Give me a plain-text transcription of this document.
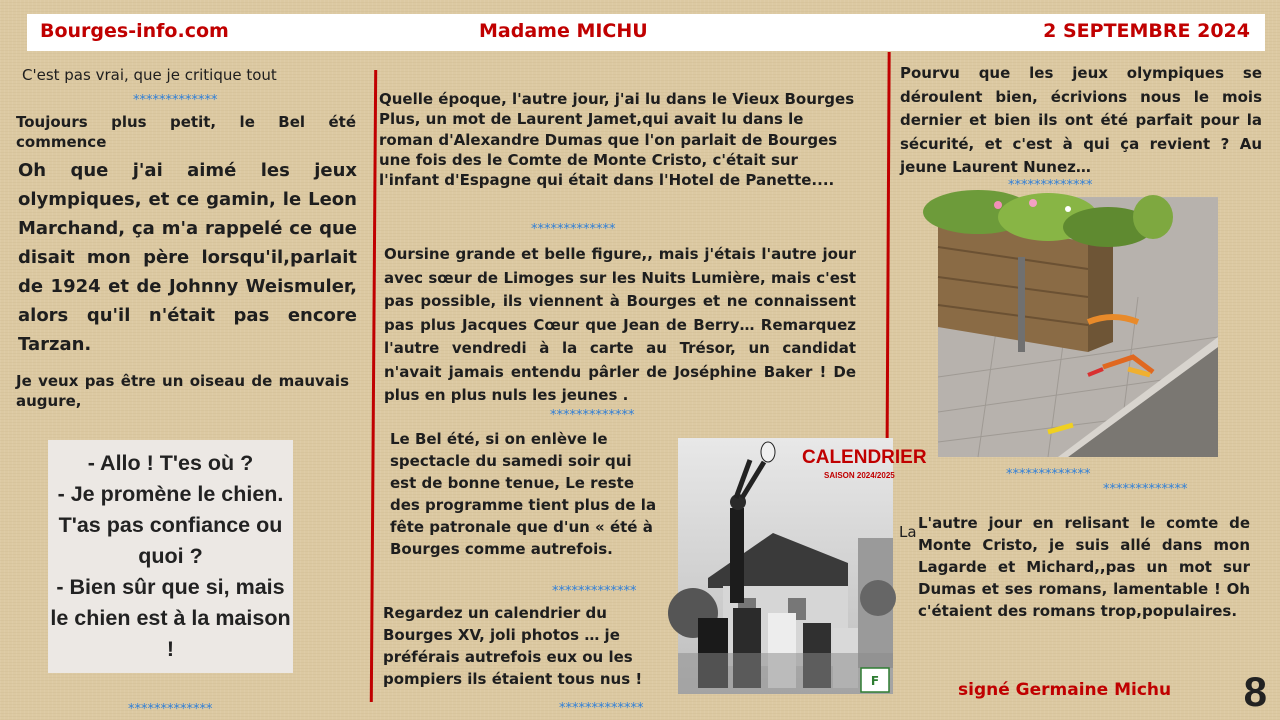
Bourges-info.com	Madame MICHU	2 SEPTEMBRE 2024
C'est pas vrai, que je critique tout
*************
Toujours plus petit, le Bel été commence
Oh que j'ai aimé les jeux olympiques, et ce gamin, le Leon Marchand, ça m'a rappelé ce que disait mon père lorsqu'il,parlait de 1924 et de Johnny Weismuler, alors qu'il n'était pas encore Tarzan.
Je veux pas être un oiseau de mauvais augure,
- Allo ! T'es où ?
- Je promène le chien. T'as pas confiance ou quoi ?
- Bien sûr que si, mais le chien est à la maison !
*************
Quelle époque, l'autre jour, j'ai lu dans le Vieux Bourges Plus, un mot de Laurent Jamet,qui avait lu dans le roman d'Alexandre Dumas que l'on parlait de Bourges une fois des le Comte de Monte Cristo, c'était sur l'infant d'Espagne qui était dans l'Hotel de Panette....
*************
Oursine grande et belle figure,, mais j'étais l'autre jour avec sœur de Limoges sur les Nuits Lumière, mais c'est pas possible, ils viennent à Bourges et ne connaissent pas plus Jacques Cœur que Jean de Berry… Remarquez l'autre vendredi à la carte au Trésor, un candidat n'avait jamais entendu pârler de Joséphine Baker ! De plus en plus nuls les jeunes .
*************
Le Bel été, si on enlève le spectacle du samedi soir qui est de bonne tenue, Le reste des programme tient plus de la fête patronale que d'un « été à Bourges comme autrefois.
*************
Regardez un calendrier du Bourges XV, joli photos … je préférais autrefois eux ou les pompiers ils étaient tous nus !
*************
F
CALENDRIER
SAISON 2024/2025
Pourvu que les jeux olympiques se déroulent bien, écrivions nous le mois dernier et bien ils ont été parfait pour la sécurité, et c'est à qui ça revient ? Au jeune Laurent Nunez…
*************
*************
*************
La L'autre jour en relisant le comte de Monte Cristo, je suis allé dans mon Lagarde et Michard,,pas un mot sur Dumas et ses romans, lamentable ! Oh c'étaient des romans trop,populaires.
signé Germaine Michu 8
